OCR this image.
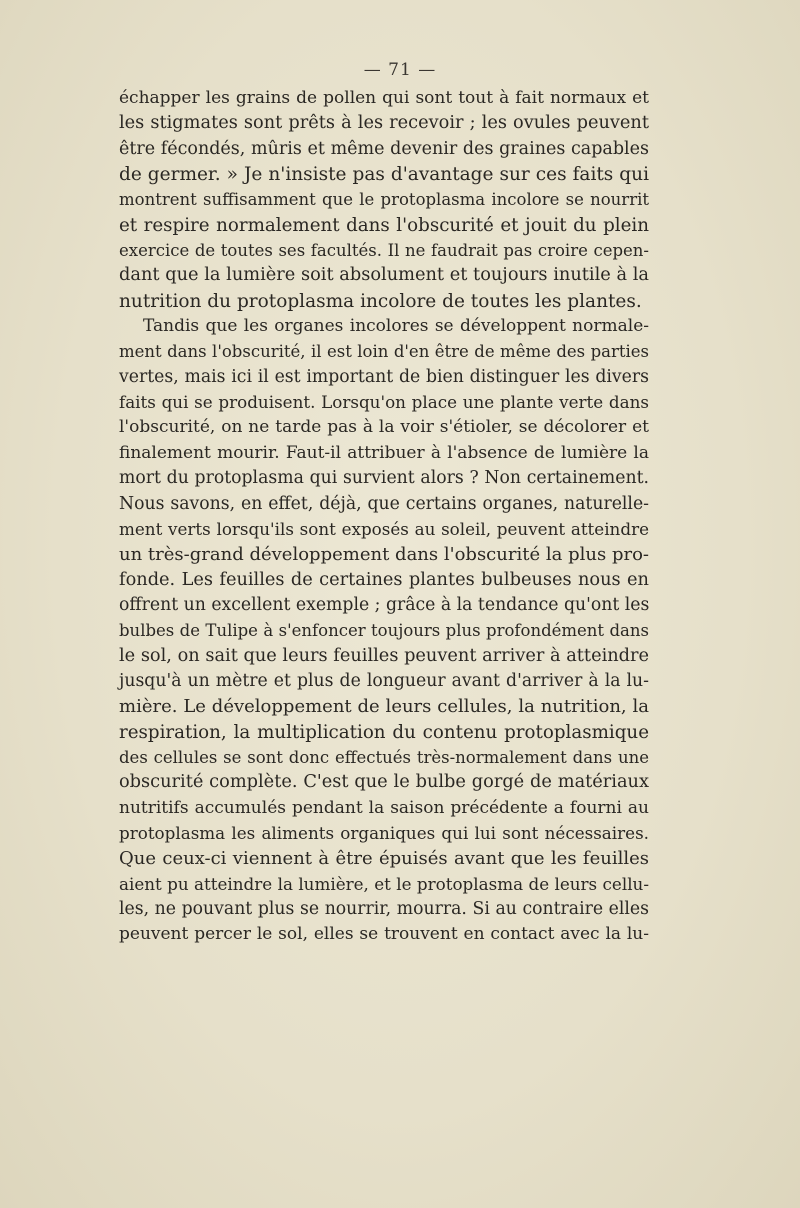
— 71 —
échapper les grains de pollen qui sont tout à fait normaux et
les stigmates sont prêts à les recevoir ; les ovules peuvent
être fécondés, mûris et même devenir des graines capables
de germer. » Je n'insiste pas d'avantage sur ces faits qui
montrent suffisamment que le protoplasma incolore se nourrit
et respire normalement dans l'obscurité et jouit du plein
exercice de toutes ses facultés. Il ne faudrait pas croire cepen-
dant que la lumière soit absolument et toujours inutile à la
nutrition du protoplasma incolore de toutes les plantes.
Tandis que les organes incolores se développent normale-
ment dans l'obscurité, il est loin d'en être de même des parties
vertes, mais ici il est important de bien distinguer les divers
faits qui se produisent. Lorsqu'on place une plante verte dans
l'obscurité, on ne tarde pas à la voir s'étioler, se décolorer et
finalement mourir. Faut-il attribuer à l'absence de lumière la
mort du protoplasma qui survient alors ? Non certainement.
Nous savons, en effet, déjà, que certains organes, naturelle-
ment verts lorsqu'ils sont exposés au soleil, peuvent atteindre
un très-grand développement dans l'obscurité la plus pro-
fonde. Les feuilles de certaines plantes bulbeuses nous en
offrent un excellent exemple ; grâce à la tendance qu'ont les
bulbes de Tulipe à s'enfoncer toujours plus profondément dans
le sol, on sait que leurs feuilles peuvent arriver à atteindre
jusqu'à un mètre et plus de longueur avant d'arriver à la lu-
mière. Le développement de leurs cellules, la nutrition, la
respiration, la multiplication du contenu protoplasmique
des cellules se sont donc effectués très-normalement dans une
obscurité complète. C'est que le bulbe gorgé de matériaux
nutritifs accumulés pendant la saison précédente a fourni au
protoplasma les aliments organiques qui lui sont nécessaires.
Que ceux-ci viennent à être épuisés avant que les feuilles
aient pu atteindre la lumière, et le protoplasma de leurs cellu-
les, ne pouvant plus se nourrir, mourra. Si au contraire elles
peuvent percer le sol, elles se trouvent en contact avec la lu-
